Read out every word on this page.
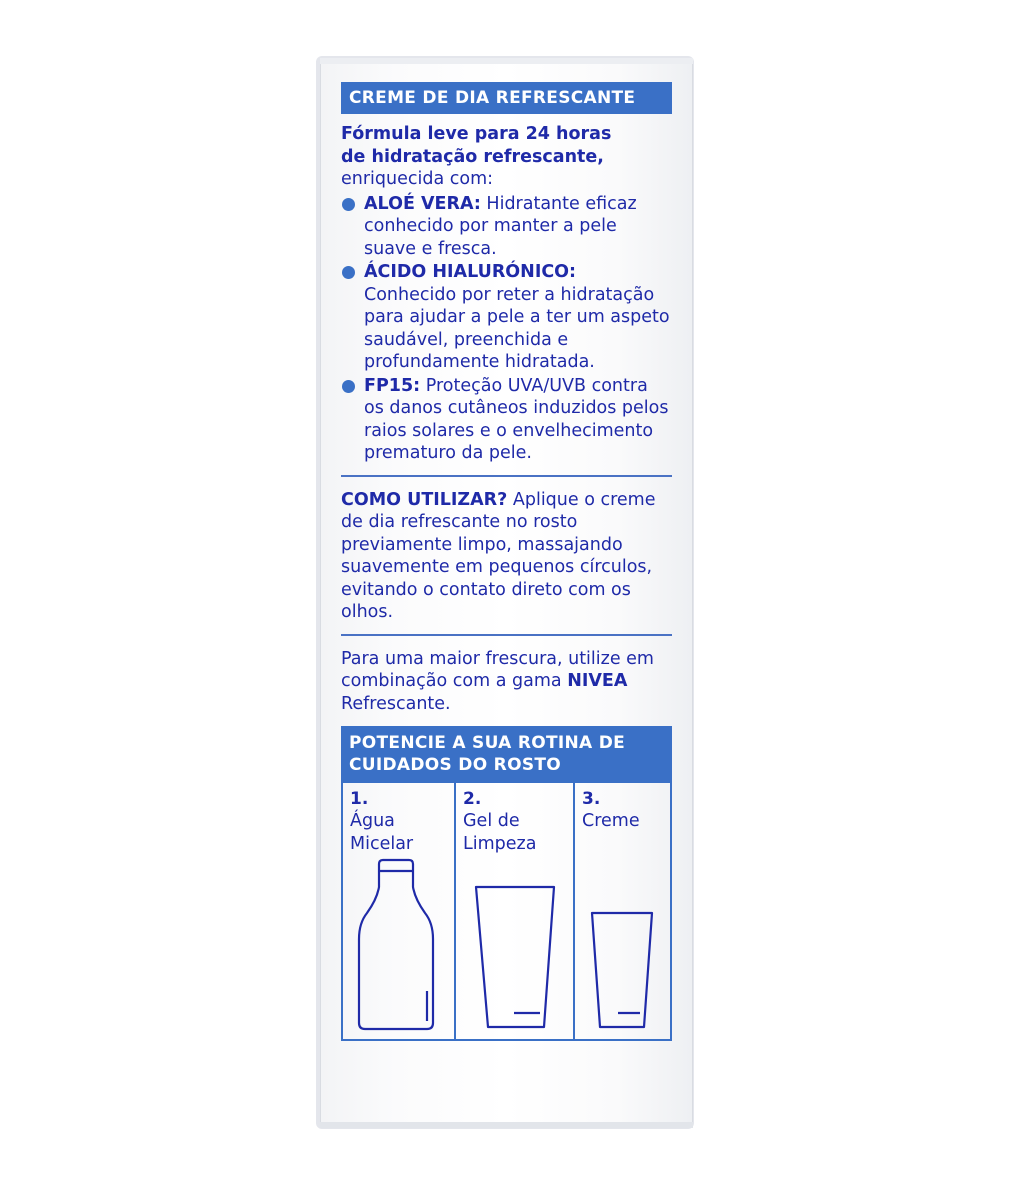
CREME DE DIA REFRESCANTE
Fórmula leve para 24 horas
de hidratação refrescante,
enriquecida com:
ALOÉ VERA: Hidratante eficaz conhecido por manter a pele suave e fresca.
ÁCIDO HIALURÓNICO: Conhecido por reter a hidratação para ajudar a pele a ter um aspeto saudável, preenchida e profundamente hidratada.
FP15: Proteção UVA/UVB contra os danos cutâneos induzidos pelos raios solares e o envelhecimento prematuro da pele.

COMO UTILIZAR? Aplique o creme de dia refrescante no rosto previamente limpo, massajando suavemente em pequenos círculos, evitando o contato direto com os olhos.

Para uma maior frescura, utilize em combinação com a gama NIVEA Refrescante.

POTENCIE A SUA ROTINA DE
CUIDADOS DO ROSTO
1.
Água
Micelar
2.
Gel de
Limpeza
3.
Creme
